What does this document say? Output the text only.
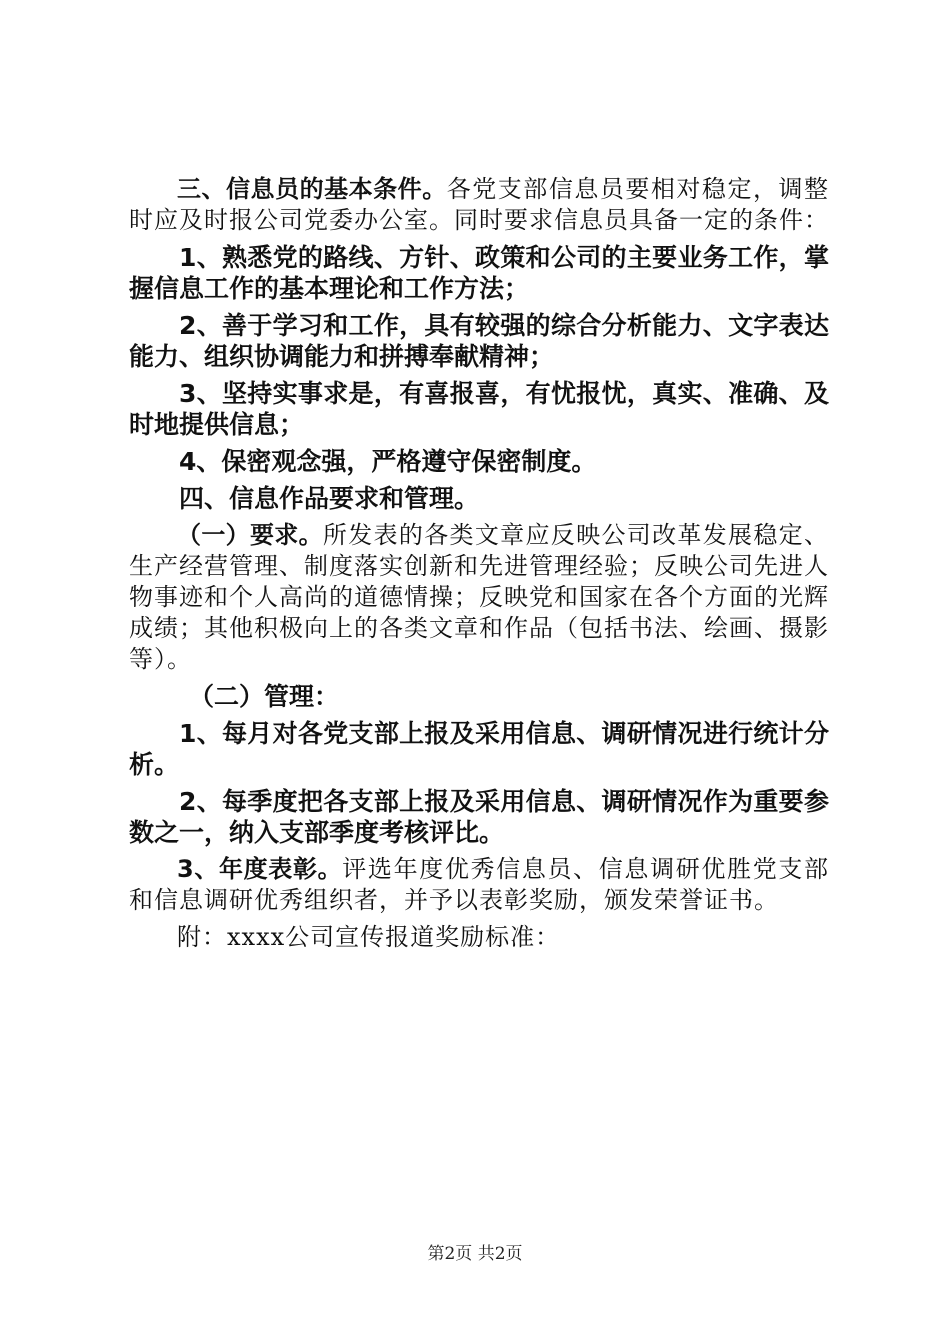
三、信息员的基本条件。各党支部信息员要相对稳定，调整时应及时报公司党委办公室。同时要求信息员具备一定的条件：

1、熟悉党的路线、方针、政策和公司的主要业务工作，掌握信息工作的基本理论和工作方法；

2、善于学习和工作，具有较强的综合分析能力、文字表达能力、组织协调能力和拼搏奉献精神；

3、坚持实事求是，有喜报喜，有忧报忧，真实、准确、及时地提供信息；

4、保密观念强，严格遵守保密制度。

四、信息作品要求和管理。

（一）要求。所发表的各类文章应反映公司改革发展稳定、生产经营管理、制度落实创新和先进管理经验；反映公司先进人物事迹和个人高尚的道德情操；反映党和国家在各个方面的光辉成绩；其他积极向上的各类文章和作品（包括书法、绘画、摄影等）。

（二）管理：

1、每月对各党支部上报及采用信息、调研情况进行统计分析。

2、每季度把各支部上报及采用信息、调研情况作为重要参数之一，纳入支部季度考核评比。

3、年度表彰。评选年度优秀信息员、信息调研优胜党支部和信息调研优秀组织者，并予以表彰奖励，颁发荣誉证书。

附：xxxx公司宣传报道奖励标准：

第2页 共2页
